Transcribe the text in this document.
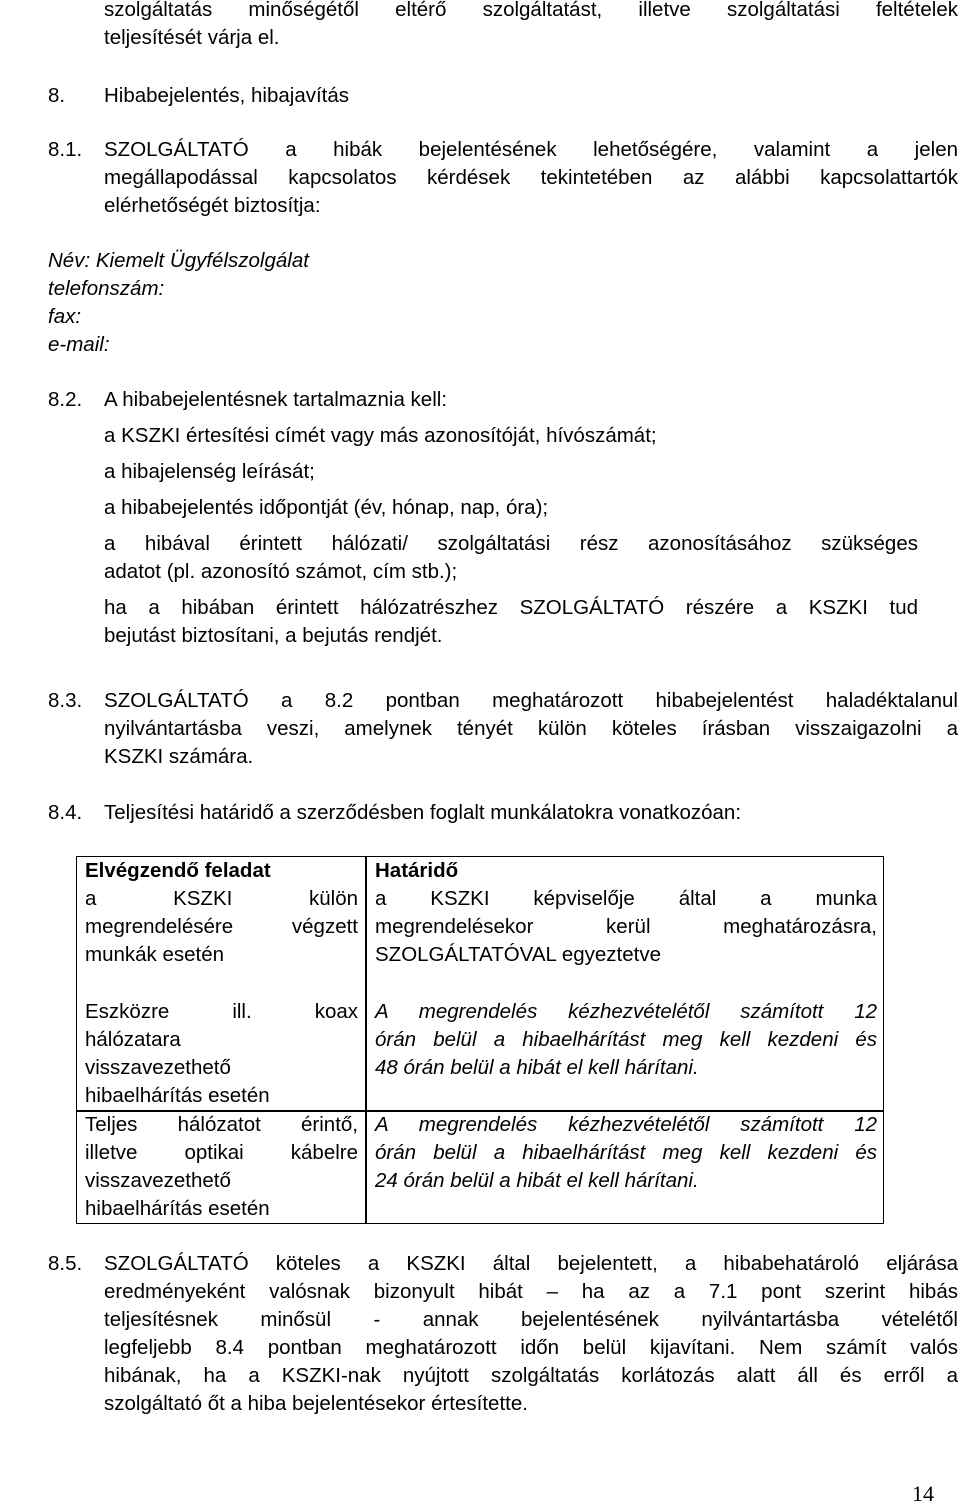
szolgáltatás minőségétől eltérő szolgáltatást, illetve szolgáltatási feltételek
teljesítését várja el.
8. Hibabejelentés, hibajavítás
8.1. SZOLGÁLTATÓ a hibák bejelentésének lehetőségére, valamint a jelen
megállapodással kapcsolatos kérdések tekintetében az alábbi kapcsolattartók
elérhetőségét biztosítja:
Név: Kiemelt Ügyfélszolgálat
telefonszám:
fax:
e-mail:
8.2. A hibabejelentésnek tartalmaznia kell:
a KSZKI értesítési címét vagy más azonosítóját, hívószámát;
a hibajelenség leírását;
a hibabejelentés időpontját (év, hónap, nap, óra);
a hibával érintett hálózati/ szolgáltatási rész azonosításához szükséges
adatot (pl. azonosító számot, cím stb.);
ha a hibában érintett hálózatrészhez SZOLGÁLTATÓ részére a KSZKI tud
bejutást biztosítani, a bejutás rendjét.
8.3. SZOLGÁLTATÓ a 8.2 pontban meghatározott hibabejelentést haladéktalanul
nyilvántartásba veszi, amelynek tényét külön köteles írásban visszaigazolni a
KSZKI számára.
8.4. Teljesítési határidő a szerződésben foglalt munkálatokra vonatkozóan:
Elvégzendő feladat	Határidő
a KSZKI külön
megrendelésére végzett
munkák esetén
a KSZKI képviselője által a munka
megrendelésekor kerül meghatározásra,
SZOLGÁLTATÓVAL egyeztetve
Eszközre ill. koax
hálózatara
visszavezethető
hibaelhárítás esetén
A megrendelés kézhezvételétől számított 12
órán belül a hibaelhárítást meg kell kezdeni és
48 órán belül a hibát el kell hárítani.
Teljes hálózatot érintő,
illetve optikai kábelre
visszavezethető
hibaelhárítás esetén
A megrendelés kézhezvételétől számított 12
órán belül a hibaelhárítást meg kell kezdeni és
24 órán belül a hibát el kell hárítani.
8.5. SZOLGÁLTATÓ köteles a KSZKI által bejelentett, a hibabehatároló eljárása
eredményeként valósnak bizonyult hibát – ha az a 7.1 pont szerint hibás
teljesítésnek minősül - annak bejelentésének nyilvántartásba vételétől
legfeljebb 8.4 pontban meghatározott időn belül kijavítani. Nem számít valós
hibának, ha a KSZKI-nak nyújtott szolgáltatás korlátozás alatt áll és erről a
szolgáltató őt a hiba bejelentésekor értesítette.
14
